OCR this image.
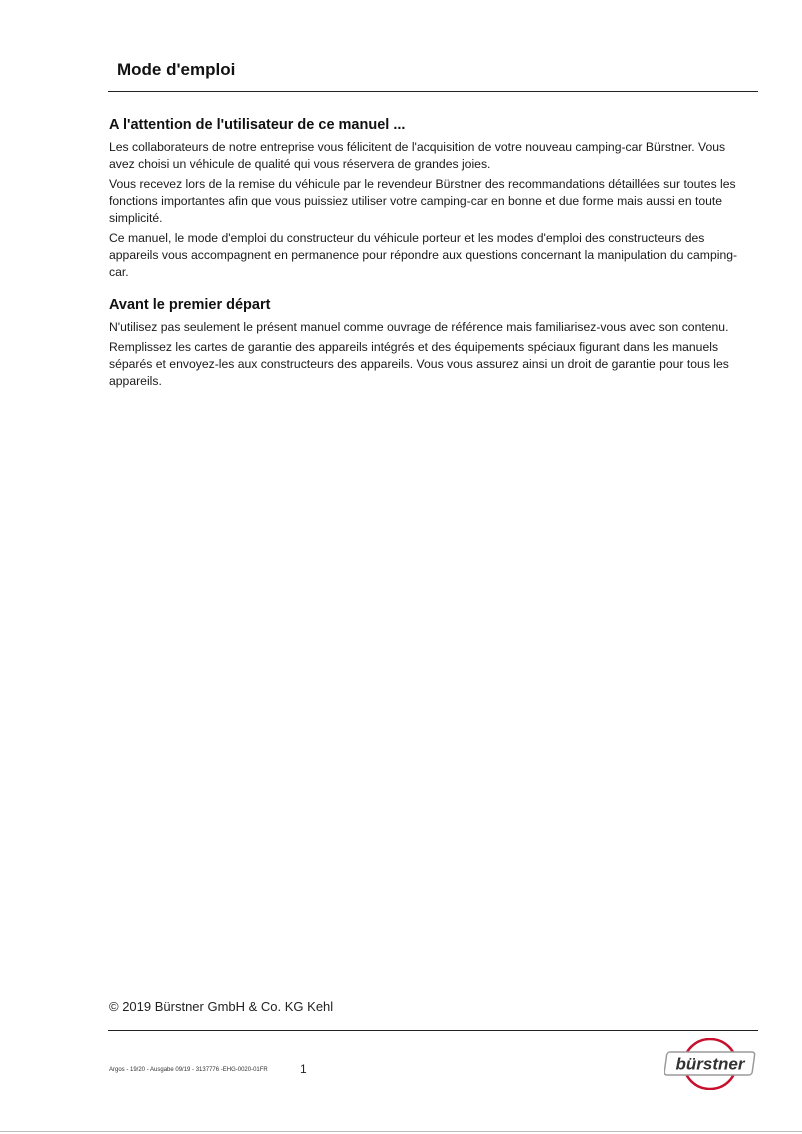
Mode d'emploi
A l'attention de l'utilisateur de ce manuel ...

Les collaborateurs de notre entreprise vous félicitent de l'acquisition de votre nouveau camping-car Bürstner. Vous avez choisi un véhicule de qualité qui vous réservera de grandes joies.

Vous recevez lors de la remise du véhicule par le revendeur Bürstner des recommandations détaillées sur toutes les fonctions importantes afin que vous puissiez utiliser votre camping-car en bonne et due forme mais aussi en toute simplicité.

Ce manuel, le mode d'emploi du constructeur du véhicule porteur et les modes d'emploi des constructeurs des appareils vous accompagnent en permanence pour répondre aux questions concernant la manipulation du camping-car.

Avant le premier départ

N'utilisez pas seulement le présent manuel comme ouvrage de référence mais familiarisez-vous avec son contenu.

Remplissez les cartes de garantie des appareils intégrés et des équipements spéciaux figurant dans les manuels séparés et envoyez-les aux constructeurs des appareils. Vous vous assurez ainsi un droit de garantie pour tous les appareils.

© 2019 Bürstner GmbH & Co. KG Kehl
Argos - 19/20 - Ausgabe 09/19 - 3137776 -EHG-0020-01FR	1	bürstner
